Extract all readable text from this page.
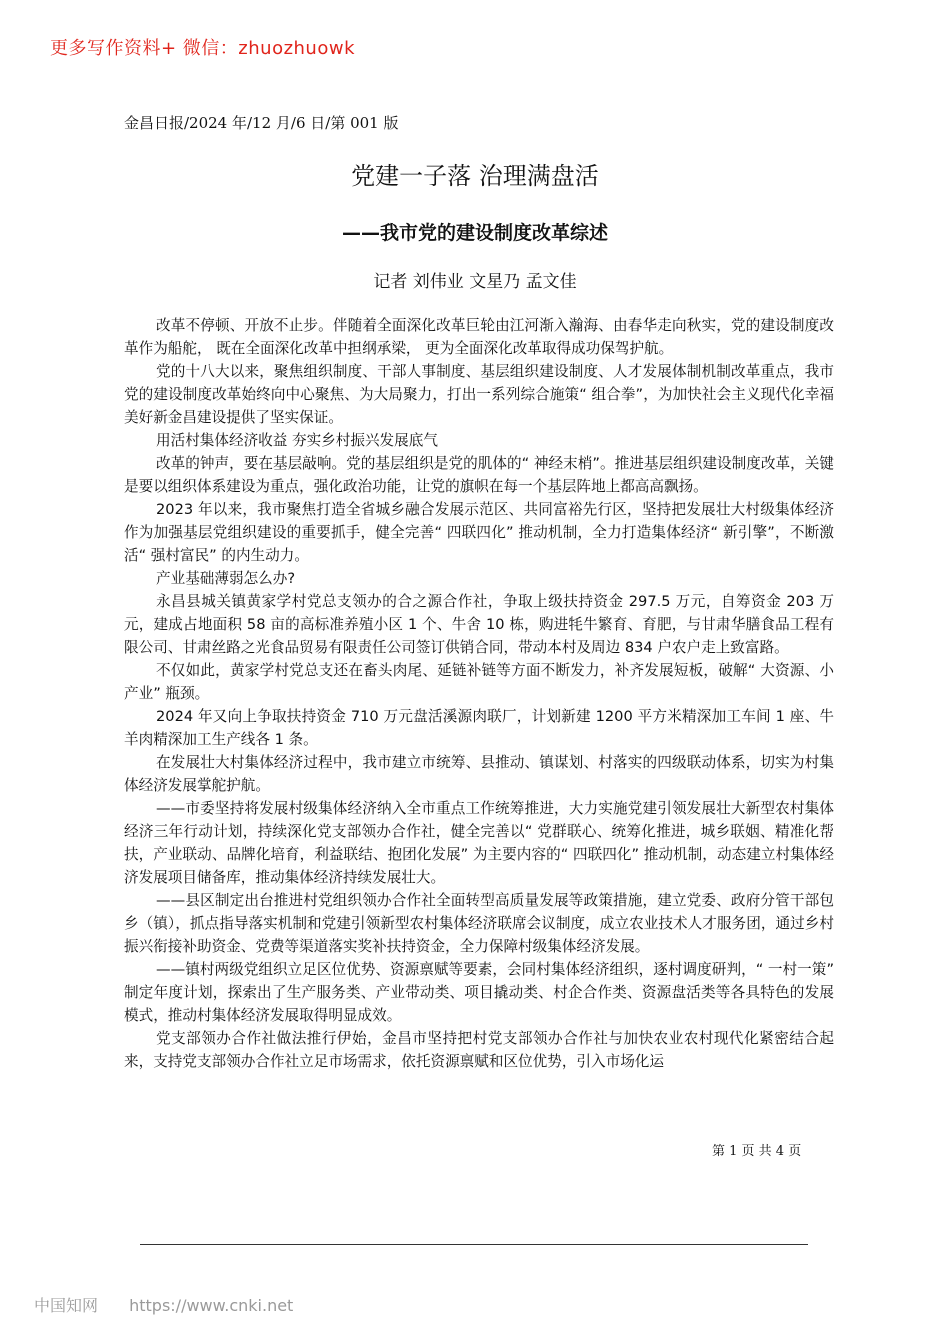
更多写作资料+ 微信：zhuozhuowk
金昌日报/2024 年/12 月/6 日/第 001 版
党建一子落 治理满盘活
——我市党的建设制度改革综述
记者 刘伟业 文星乃 孟文佳

改革不停顿、开放不止步。伴随着全面深化改革巨轮由江河渐入瀚海、由春华走向秋实，党的建设制度改革作为船舵， 既在全面深化改革中担纲承梁， 更为全面深化改革取得成功保驾护航。

党的十八大以来，聚焦组织制度、干部人事制度、基层组织建设制度、人才发展体制机制改革重点，我市党的建设制度改革始终向中心聚焦、为大局聚力，打出一系列综合施策“ 组合拳”，为加快社会主义现代化幸福美好新金昌建设提供了坚实保证。

用活村集体经济收益 夯实乡村振兴发展底气

改革的钟声，要在基层敲响。党的基层组织是党的肌体的“ 神经末梢”。推进基层组织建设制度改革，关键是要以组织体系建设为重点，强化政治功能，让党的旗帜在每一个基层阵地上都高高飘扬。

2023 年以来，我市聚焦打造全省城乡融合发展示范区、共同富裕先行区，坚持把发展壮大村级集体经济作为加强基层党组织建设的重要抓手，健全完善“ 四联四化” 推动机制，全力打造集体经济“ 新引擎”，不断激活“ 强村富民” 的内生动力。

产业基础薄弱怎么办?

永昌县城关镇黄家学村党总支领办的合之源合作社，争取上级扶持资金 297.5 万元，自筹资金 203 万元，建成占地面积 58 亩的高标准养殖小区 1 个、牛舍 10 栋，购进牦牛繁育、育肥，与甘肃华膳食品工程有限公司、甘肃丝路之光食品贸易有限责任公司签订供销合同，带动本村及周边 834 户农户走上致富路。

不仅如此，黄家学村党总支还在畜头肉尾、延链补链等方面不断发力，补齐发展短板，破解“ 大资源、小产业” 瓶颈。

2024 年又向上争取扶持资金 710 万元盘活溪源肉联厂，计划新建 1200 平方米精深加工车间 1 座、牛羊肉精深加工生产线各 1 条。

在发展壮大村集体经济过程中，我市建立市统筹、县推动、镇谋划、村落实的四级联动体系，切实为村集体经济发展掌舵护航。

——市委坚持将发展村级集体经济纳入全市重点工作统筹推进，大力实施党建引领发展壮大新型农村集体经济三年行动计划，持续深化党支部领办合作社，健全完善以“ 党群联心、统筹化推进，城乡联姻、精准化帮扶，产业联动、品牌化培育，利益联结、抱团化发展” 为主要内容的“ 四联四化” 推动机制，动态建立村集体经济发展项目储备库，推动集体经济持续发展壮大。

——县区制定出台推进村党组织领办合作社全面转型高质量发展等政策措施，建立党委、政府分管干部包乡（镇），抓点指导落实机制和党建引领新型农村集体经济联席会议制度，成立农业技术人才服务团，通过乡村振兴衔接补助资金、党费等渠道落实奖补扶持资金，全力保障村级集体经济发展。

——镇村两级党组织立足区位优势、资源禀赋等要素，会同村集体经济组织，逐村调度研判，“ 一村一策” 制定年度计划，探索出了生产服务类、产业带动类、项目撬动类、村企合作类、资源盘活类等各具特色的发展模式，推动村集体经济发展取得明显成效。

党支部领办合作社做法推行伊始，金昌市坚持把村党支部领办合作社与加快农业农村现代化紧密结合起来，支持党支部领办合作社立足市场需求，依托资源禀赋和区位优势，引入市场化运

第 1 页 共 4 页
中国知网 https://www.cnki.net
